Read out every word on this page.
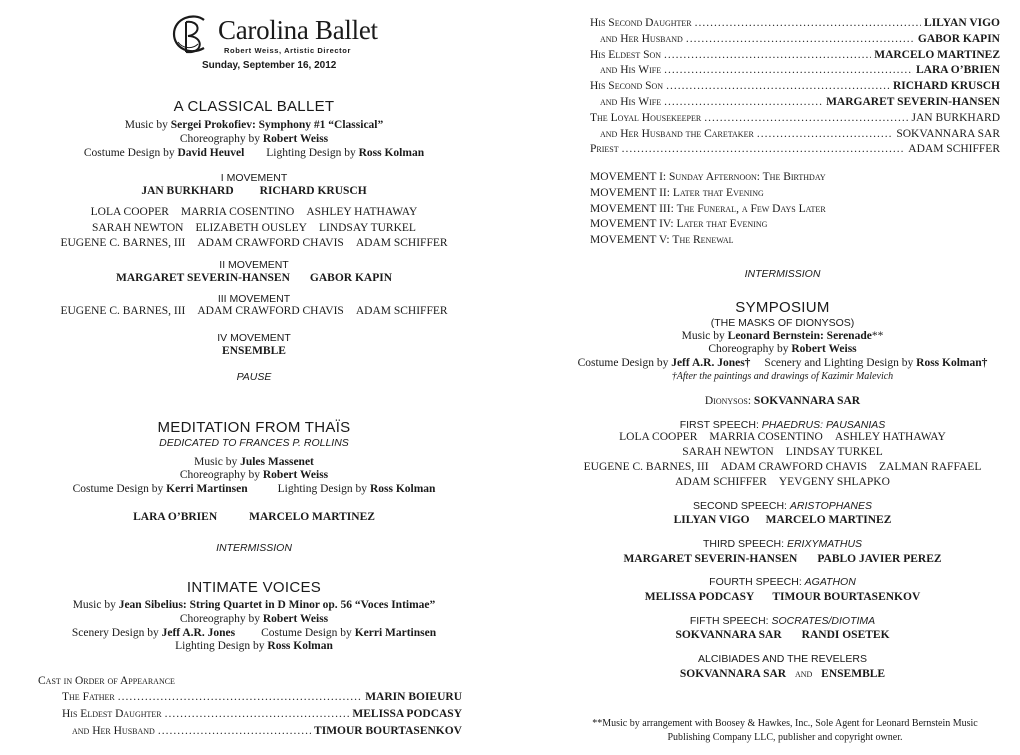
Carolina Ballet
Robert Weiss, Artistic Director
Sunday, September 16, 2012
A CLASSICAL BALLET
Music by Sergei Prokofiev: Symphony #1 “Classical”
Choreography by Robert Weiss
Costume Design by David Heuvel Lighting Design by Ross Kolman
I MOVEMENT
JAN BURKHARD RICHARD KRUSCH
LOLA COOPER MARRIA COSENTINO ASHLEY HATHAWAY
SARAH NEWTON ELIZABETH OUSLEY LINDSAY TURKEL
EUGENE C. BARNES, III ADAM CRAWFORD CHAVIS ADAM SCHIFFER
II MOVEMENT
MARGARET SEVERIN-HANSEN GABOR KAPIN
III MOVEMENT
EUGENE C. BARNES, III ADAM CRAWFORD CHAVIS ADAM SCHIFFER
IV MOVEMENT
ENSEMBLE
PAUSE
MEDITATION FROM THAÏS
DEDICATED TO FRANCES P. ROLLINS
Music by Jules Massenet
Choreography by Robert Weiss
Costume Design by Kerri Martinsen	Lighting Design by Ross Kolman
LARA O’BRIEN	MARCELO MARTINEZ
INTERMISSION
INTIMATE VOICES
Music by Jean Sibelius: String Quartet in D Minor op. 56 “Voces Intimae”
Choreography by Robert Weiss
Scenery Design by Jeff A.R. Jones Costume Design by Kerri Martinsen
Lighting Design by Ross Kolman
Cast in Order of Appearance
The Father .....	MARIN BOIEURU
His Eldest Daughter .....	MELISSA PODCASY
and Her Husband .....	TIMOUR BOURTASENKOV
His Second Daughter .....	LILYAN VIGO
and Her Husband .....	GABOR KAPIN
His Eldest Son .....	MARCELO MARTINEZ
and His Wife .....	LARA O’BRIEN
His Second Son .....	RICHARD KRUSCH
and His Wife .....	MARGARET SEVERIN-HANSEN
The Loyal Housekeeper .....	JAN BURKHARD
and Her Husband the Caretaker .....	SOKVANNARA SAR
Priest .....	ADAM SCHIFFER
MOVEMENT I: Sunday Afternoon: The Birthday
MOVEMENT II: Later that Evening
MOVEMENT III: The Funeral, a Few Days Later
MOVEMENT IV: Later that Evening
MOVEMENT V: The Renewal
INTERMISSION
SYMPOSIUM
(THE MASKS OF DIONYSOS)
Music by Leonard Bernstein: Serenade**
Choreography by Robert Weiss
Costume Design by Jeff A.R. Jones† Scenery and Lighting Design by Ross Kolman†
†After the paintings and drawings of Kazimir Malevich
Dionysos: SOKVANNARA SAR
FIRST SPEECH: PHAEDRUS: PAUSANIAS
LOLA COOPER MARRIA COSENTINO ASHLEY HATHAWAY
SARAH NEWTON LINDSAY TURKEL
EUGENE C. BARNES, III ADAM CRAWFORD CHAVIS ZALMAN RAFFAEL
ADAM SCHIFFER YEVGENY SHLAPKO
SECOND SPEECH: ARISTOPHANES
LILYAN VIGO MARCELO MARTINEZ
THIRD SPEECH: ERIXYMATHUS
MARGARET SEVERIN-HANSEN PABLO JAVIER PEREZ
FOURTH SPEECH: AGATHON
MELISSA PODCASY TIMOUR BOURTASENKOV
FIFTH SPEECH: SOCRATES/DIOTIMA
SOKVANNARA SAR RANDI OSETEK
ALCIBIADES AND THE REVELERS
SOKVANNARA SAR and ENSEMBLE
**Music by arrangement with Boosey & Hawkes, Inc., Sole Agent for Leonard Bernstein Music
Publishing Company LLC, publisher and copyright owner.
